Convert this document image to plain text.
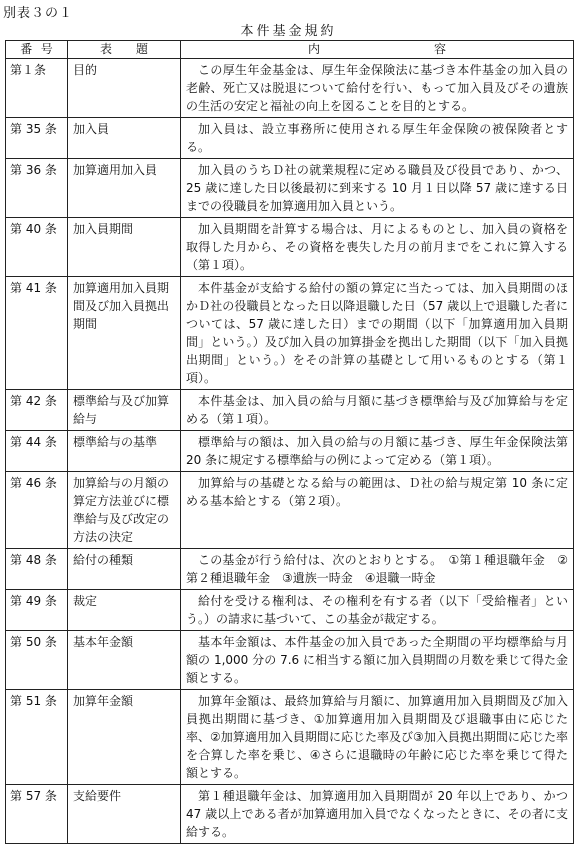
別表３の１
本件基金規約
番 号	表 題	内 容

第１条	目的	この厚生年金基金は、厚生年金保険法に基づき本件基金の加入員の老齢、死亡又は脱退について給付を行い、もって加入員及びその遺族の生活の安定と福祉の向上を図ることを目的とする。
第 35 条	加入員	加入員は、設立事務所に使用される厚生年金保険の被保険者とする。
第 36 条	加算適用加入員	加入員のうちＤ社の就業規程に定める職員及び役員であり、かつ、25 歳に達した日以後最初に到来する 10 月１日以降 57 歳に達する日までの役職員を加算適用加入員という。
第 40 条	加入員期間	加入員期間を計算する場合は、月によるものとし、加入員の資格を取得した月から、その資格を喪失した月の前月までをこれに算入する（第１項）。
第 41 条	加算適用加入員期間及び加入員拠出期間	本件基金が支給する給付の額の算定に当たっては、加入員期間のほかＤ社の役職員となった日以降退職した日（57 歳以上で退職した者については、57 歳に達した日）までの期間（以下「加算適用加入員期間」という。）及び加入員の加算掛金を拠出した期間（以下「加入員拠出期間」という。）をその計算の基礎として用いるものとする（第１項）。
第 42 条	標準給与及び加算給与	本件基金は、加入員の給与月額に基づき標準給与及び加算給与を定める（第１項）。
第 44 条	標準給与の基準	標準給与の額は、加入員の給与の月額に基づき、厚生年金保険法第 20 条に規定する標準給与の例によって定める（第１項）。
第 46 条	加算給与の月額の算定方法並びに標準給与及び改定の方法の決定	加算給与の基礎となる給与の範囲は、Ｄ社の給与規定第 10 条に定める基本給とする（第２項）。
第 48 条	給付の種類	この基金が行う給付は、次のとおりとする。　①第１種退職年金　②第２種退職年金　③遺族一時金　④退職一時金
第 49 条	裁定	給付を受ける権利は、その権利を有する者（以下「受給権者」という。）の請求に基づいて、この基金が裁定する。
第 50 条	基本年金額	基本年金額は、本件基金の加入員であった全期間の平均標準給与月額の 1,000 分の 7.6 に相当する額に加入員期間の月数を乗じて得た金額とする。
第 51 条	加算年金額	加算年金額は、最終加算給与月額に、加算適用加入員期間及び加入員拠出期間に基づき、①加算適用加入員期間及び退職事由に応じた率、②加算適用加入員期間に応じた率及び③加入員拠出期間に応じた率を合算した率を乗じ、④さらに退職時の年齢に応じた率を乗じて得た額とする。
第 57 条	支給要件	第１種退職年金は、加算適用加入員期間が 20 年以上であり、かつ 47 歳以上である者が加算適用加入員でなくなったときに、その者に支給する。
